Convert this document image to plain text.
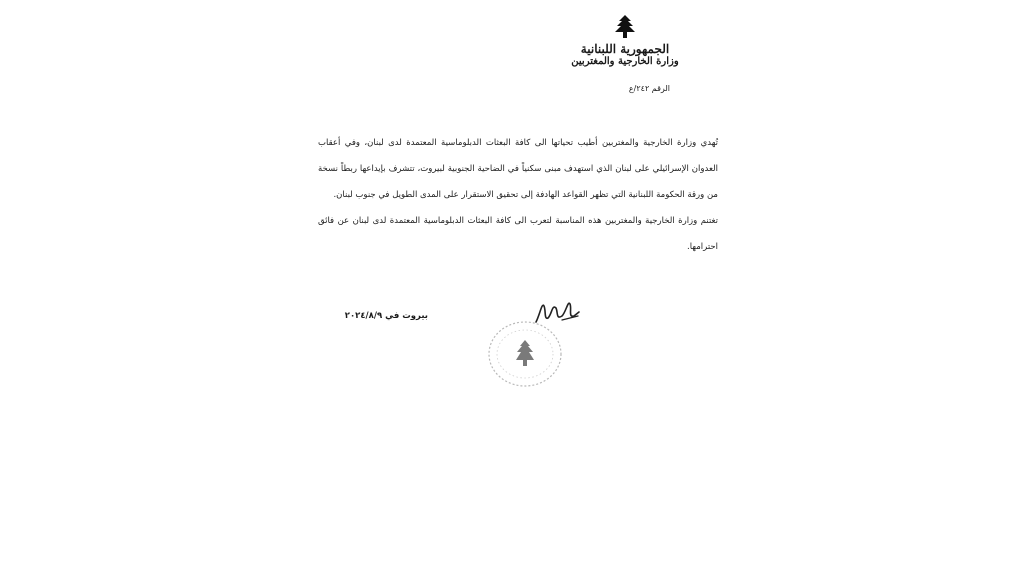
الجمهورية اللبنانية
وزارة الخارجية والمغتربين
الرقم ٢٤٢/ع

تُهدي وزارة الخارجية والمغتربين أطيب تحياتها الى كافة البعثات الدبلوماسية المعتمدة لدى لبنان، وفي أعقاب العدوان الإسرائيلي على لبنان الذي استهدف مبنى سكنياً في الضاحية الجنوبية لبيروت، تتشرف بإيداعها ربطاً نسخة من ورقة الحكومة اللبنانية التي تظهر القواعد الهادفة إلى تحقيق الاستقرار على المدى الطويل في جنوب لبنان.

تغتنم وزارة الخارجية والمغتربين هذه المناسبة لتعرب الى كافة البعثات الدبلوماسية المعتمدة لدى لبنان عن فائق احترامها.

بيروت في ٢٠٢٤/٨/٩
